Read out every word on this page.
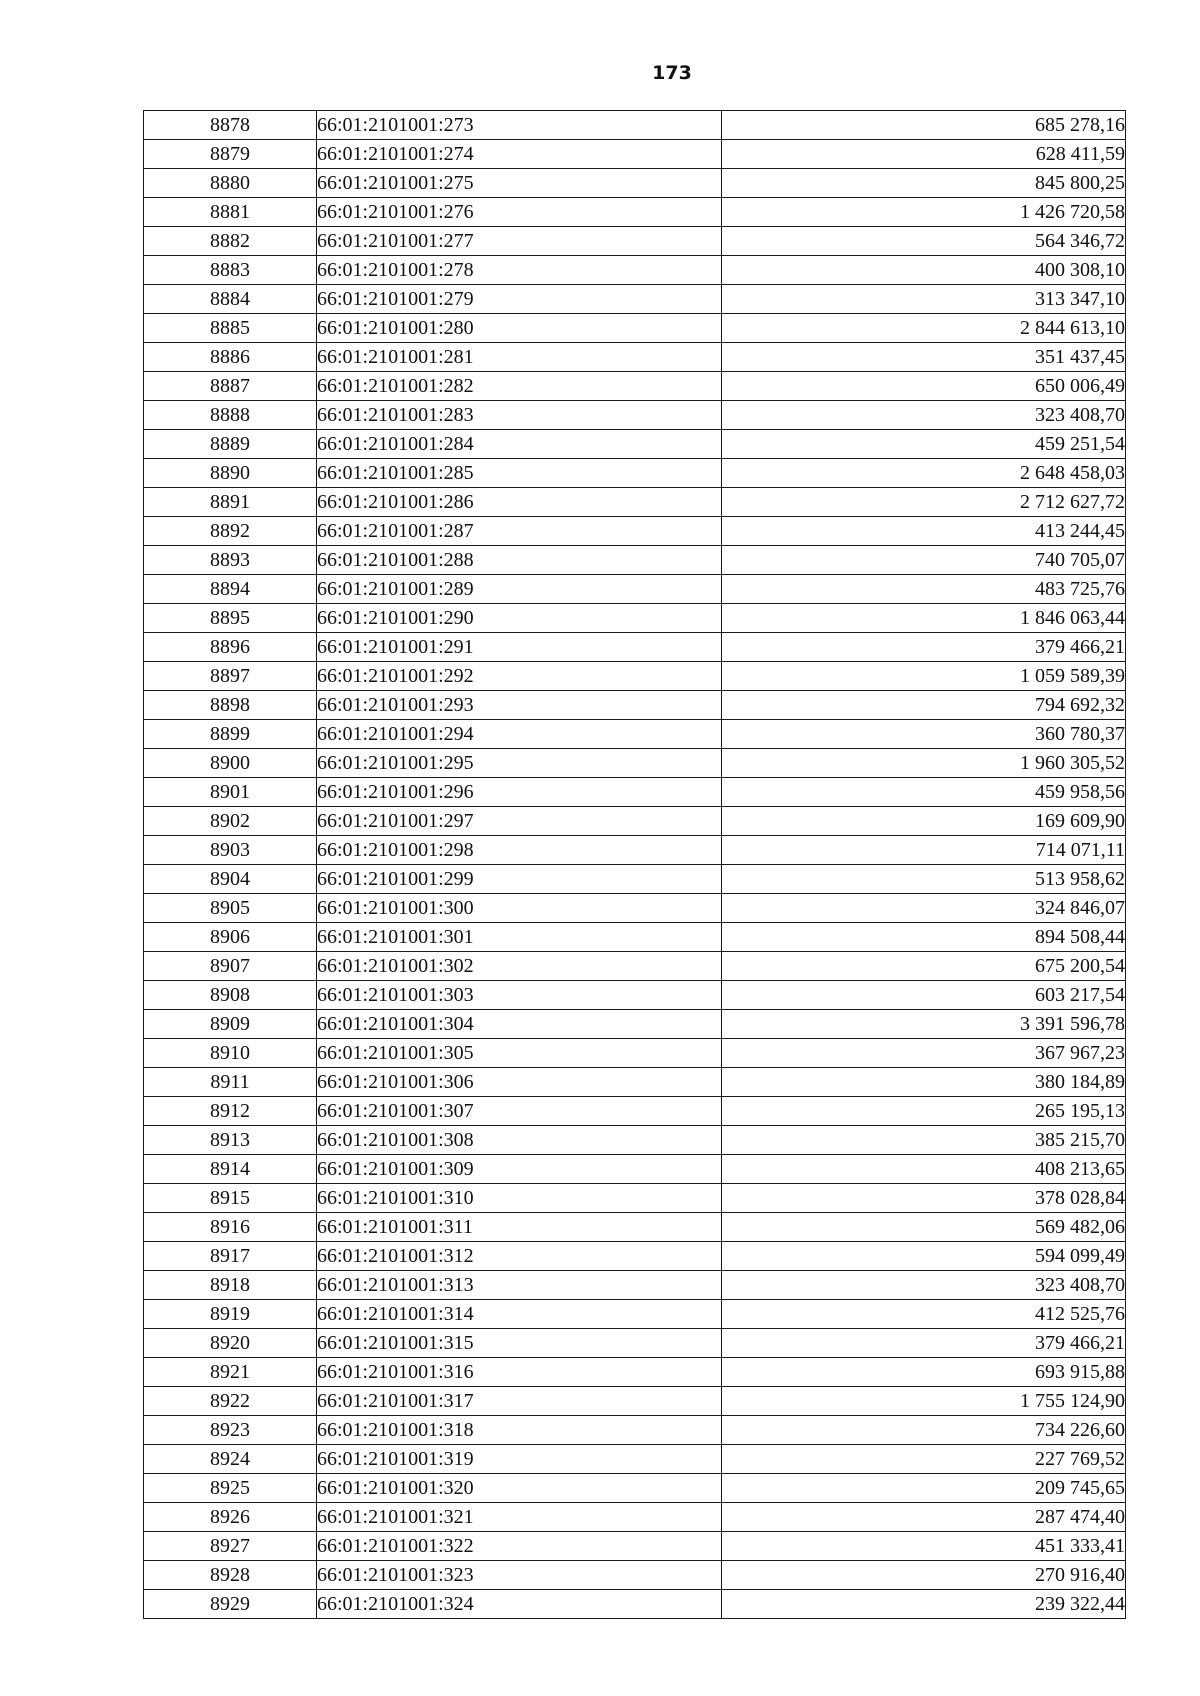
173
8878	66:01:2101001:273	685 278,16
8879	66:01:2101001:274	628 411,59
8880	66:01:2101001:275	845 800,25
8881	66:01:2101001:276	1 426 720,58
8882	66:01:2101001:277	564 346,72
8883	66:01:2101001:278	400 308,10
8884	66:01:2101001:279	313 347,10
8885	66:01:2101001:280	2 844 613,10
8886	66:01:2101001:281	351 437,45
8887	66:01:2101001:282	650 006,49
8888	66:01:2101001:283	323 408,70
8889	66:01:2101001:284	459 251,54
8890	66:01:2101001:285	2 648 458,03
8891	66:01:2101001:286	2 712 627,72
8892	66:01:2101001:287	413 244,45
8893	66:01:2101001:288	740 705,07
8894	66:01:2101001:289	483 725,76
8895	66:01:2101001:290	1 846 063,44
8896	66:01:2101001:291	379 466,21
8897	66:01:2101001:292	1 059 589,39
8898	66:01:2101001:293	794 692,32
8899	66:01:2101001:294	360 780,37
8900	66:01:2101001:295	1 960 305,52
8901	66:01:2101001:296	459 958,56
8902	66:01:2101001:297	169 609,90
8903	66:01:2101001:298	714 071,11
8904	66:01:2101001:299	513 958,62
8905	66:01:2101001:300	324 846,07
8906	66:01:2101001:301	894 508,44
8907	66:01:2101001:302	675 200,54
8908	66:01:2101001:303	603 217,54
8909	66:01:2101001:304	3 391 596,78
8910	66:01:2101001:305	367 967,23
8911	66:01:2101001:306	380 184,89
8912	66:01:2101001:307	265 195,13
8913	66:01:2101001:308	385 215,70
8914	66:01:2101001:309	408 213,65
8915	66:01:2101001:310	378 028,84
8916	66:01:2101001:311	569 482,06
8917	66:01:2101001:312	594 099,49
8918	66:01:2101001:313	323 408,70
8919	66:01:2101001:314	412 525,76
8920	66:01:2101001:315	379 466,21
8921	66:01:2101001:316	693 915,88
8922	66:01:2101001:317	1 755 124,90
8923	66:01:2101001:318	734 226,60
8924	66:01:2101001:319	227 769,52
8925	66:01:2101001:320	209 745,65
8926	66:01:2101001:321	287 474,40
8927	66:01:2101001:322	451 333,41
8928	66:01:2101001:323	270 916,40
8929	66:01:2101001:324	239 322,44
